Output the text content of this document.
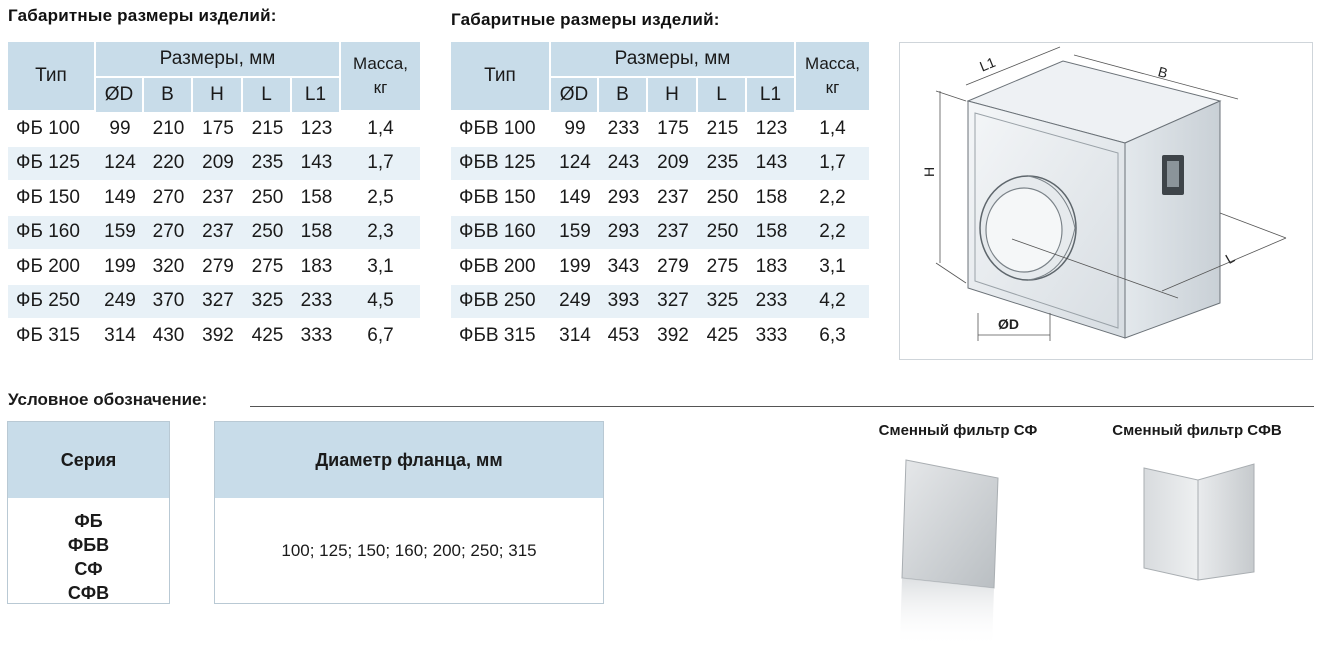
Габаритные размеры изделий:
Тип	Размеры, мм					Масса,
кг
	ØD	B	H	L	L1	
ФБ 100	99	210	175	215	123	1,4
ФБ 125	124	220	209	235	143	1,7
ФБ 150	149	270	237	250	158	2,5
ФБ 160	159	270	237	250	158	2,3
ФБ 200	199	320	279	275	183	3,1
ФБ 250	249	370	327	325	233	4,5
ФБ 315	314	430	392	425	333	6,7
Габаритные размеры изделий:
Тип	Размеры, мм					Масса,
кг
	ØD	B	H	L	L1	
ФБВ 100	99	233	175	215	123	1,4
ФБВ 125	124	243	209	235	143	1,7
ФБВ 150	149	293	237	250	158	2,2
ФБВ 160	159	293	237	250	158	2,2
ФБВ 200	199	343	279	275	183	3,1
ФБВ 250	249	393	327	325	233	4,2
ФБВ 315	314	453	392	425	333	6,3
L1	B
H
L
ØD
Условное обозначение:
Серия
ФБ
ФБВ
СФ
СФВ
Диаметр фланца, мм
100; 125; 150; 160; 200; 250; 315
Сменный фильтр СФ	Сменный фильтр СФВ
